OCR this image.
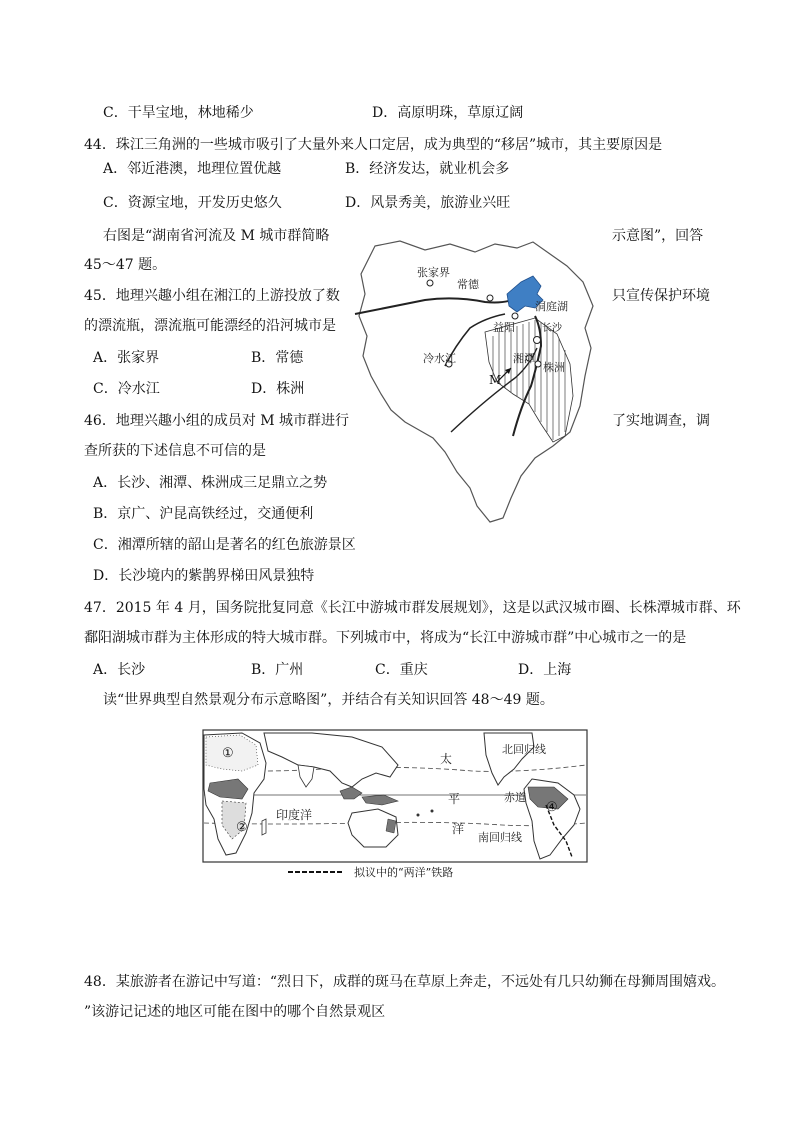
C．干旱宝地，林地稀少	D．高原明珠，草原辽阔
44．珠江三角洲的一些城市吸引了大量外来人口定居，成为典型的“移居”城市，其主要原因是
A．邻近港澳，地理位置优越	B．经济发达，就业机会多
C．资源宝地，开发历史悠久	D．风景秀美，旅游业兴旺
右图是“湖南省河流及 M 城市群简略	示意图”，回答
45～47 题。
45．地理兴趣小组在湘江的上游投放了数	只宣传保护环境
的漂流瓶，漂流瓶可能漂经的沿河城市是
A．张家界	B．常德
C．冷水江	D．株洲
46．地理兴趣小组的成员对 M 城市群进行	了实地调查，调
查所获的下述信息不可信的是
A．长沙、湘潭、株洲成三足鼎立之势
B．京广、沪昆高铁经过，交通便利
C．湘潭所辖的韶山是著名的红色旅游景区
D．长沙境内的紫鹊界梯田风景独特
47．2015 年 4 月，国务院批复同意《长江中游城市群发展规划》，这是以武汉城市圈、长株潭城市群、环
鄱阳湖城市群为主体形成的特大城市群。下列城市中，将成为“长江中游城市群”中心城市之一的是
A．长沙	B．广州	C．重庆	D．上海
读“世界典型自然景观分布示意略图”，并结合有关知识回答 48～49 题。
张家界
常德
洞庭湖
益阳	长沙
湘潭
冷水江
株洲
M
太
平
洋
印度洋
北回归线
赤道
南回归线
①
②
④
拟议中的“两洋”铁路
48．某旅游者在游记中写道：“烈日下，成群的斑马在草原上奔走，不远处有几只幼狮在母狮周围嬉戏。
”该游记记述的地区可能在图中的哪个自然景观区
